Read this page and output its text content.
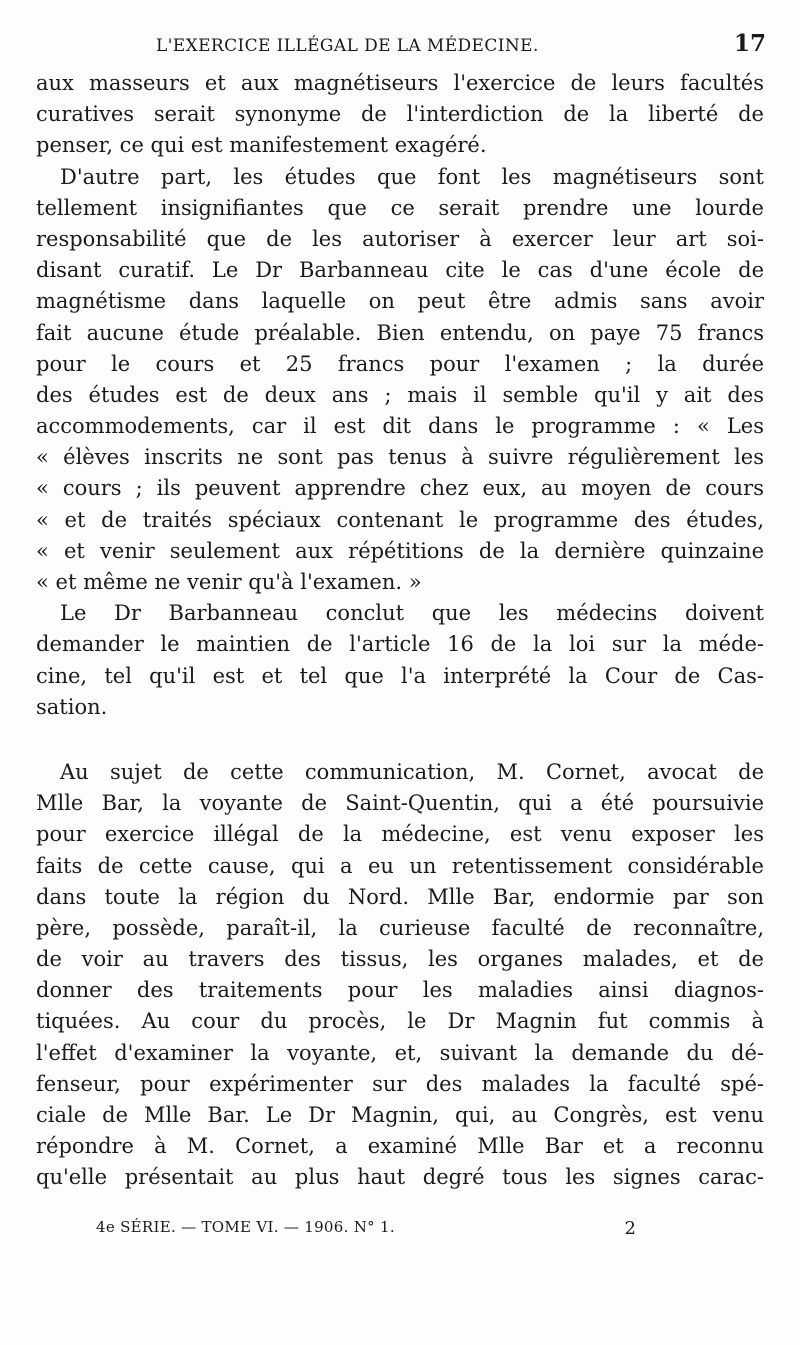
L'EXERCICE ILLÉGAL DE LA MÉDECINE.	17
aux masseurs et aux magnétiseurs l'exercice de leurs facultés
curatives serait synonyme de l'interdiction de la liberté de
penser, ce qui est manifestement exagéré.
D'autre part, les études que font les magnétiseurs sont
tellement insignifiantes que ce serait prendre une lourde
responsabilité que de les autoriser à exercer leur art soi-
disant curatif. Le Dr Barbanneau cite le cas d'une école de
magnétisme dans laquelle on peut être admis sans avoir
fait aucune étude préalable. Bien entendu, on paye 75 francs
pour le cours et 25 francs pour l'examen ; la durée
des études est de deux ans ; mais il semble qu'il y ait des
accommodements, car il est dit dans le programme : « Les
« élèves inscrits ne sont pas tenus à suivre régulièrement les
« cours ; ils peuvent apprendre chez eux, au moyen de cours
« et de traités spéciaux contenant le programme des études,
« et venir seulement aux répétitions de la dernière quinzaine
« et même ne venir qu'à l'examen. »
Le Dr Barbanneau conclut que les médecins doivent
demander le maintien de l'article 16 de la loi sur la méde-
cine, tel qu'il est et tel que l'a interprété la Cour de Cas-
sation.
Au sujet de cette communication, M. Cornet, avocat de
Mlle Bar, la voyante de Saint-Quentin, qui a été poursuivie
pour exercice illégal de la médecine, est venu exposer les
faits de cette cause, qui a eu un retentissement considérable
dans toute la région du Nord. Mlle Bar, endormie par son
père, possède, paraît-il, la curieuse faculté de reconnaître,
de voir au travers des tissus, les organes malades, et de
donner des traitements pour les maladies ainsi diagnos-
tiquées. Au cour du procès, le Dr Magnin fut commis à
l'effet d'examiner la voyante, et, suivant la demande du dé-
fenseur, pour expérimenter sur des malades la faculté spé-
ciale de Mlle Bar. Le Dr Magnin, qui, au Congrès, est venu
répondre à M. Cornet, a examiné Mlle Bar et a reconnu
qu'elle présentait au plus haut degré tous les signes carac-
4e SÉRIE. — TOME VI. — 1906. N° 1.	2
